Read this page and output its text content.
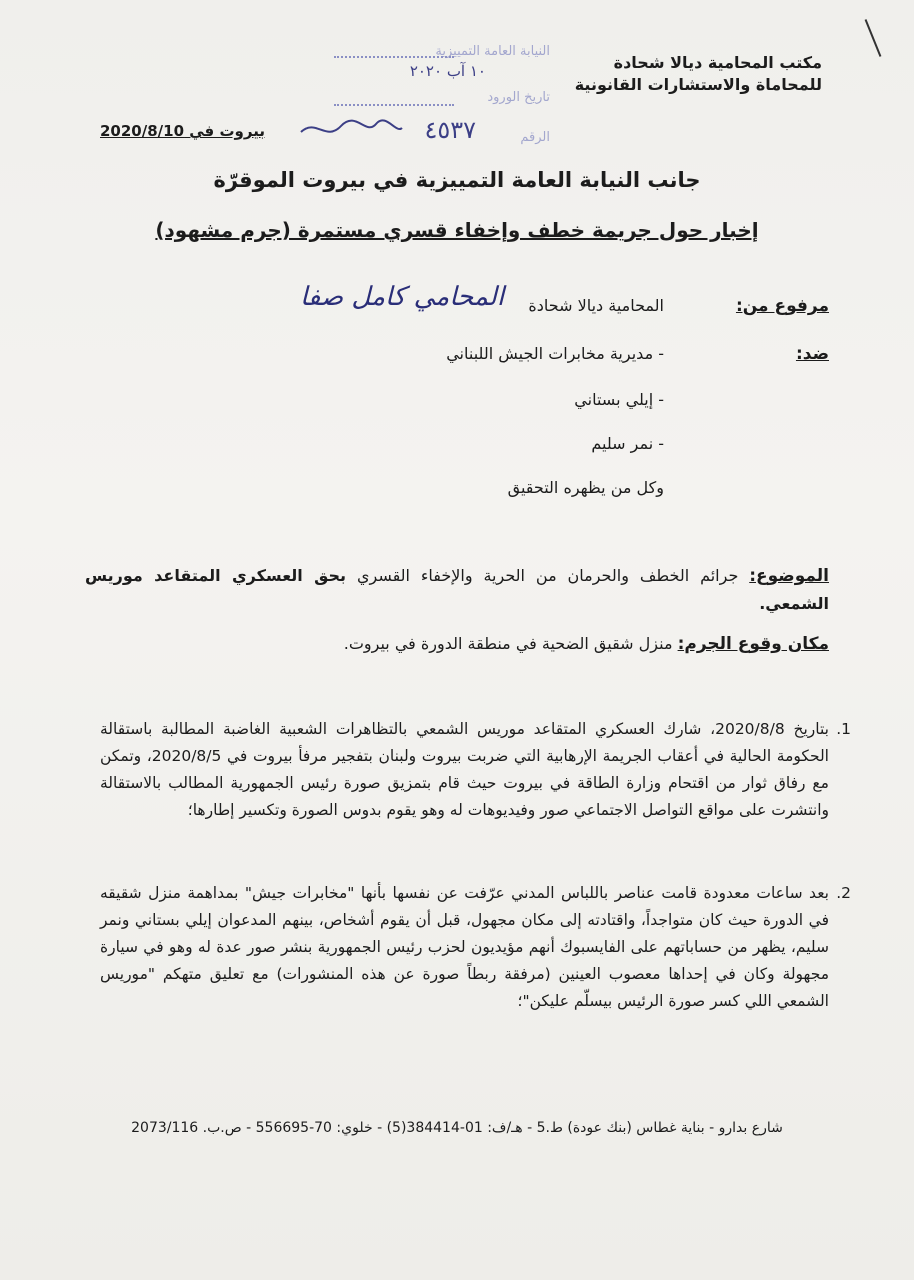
مكتب المحامية ديالا شحادة
للمحاماة والاستشارات القانونية
النيابة العامة التمييزية
١٠ آب ٢٠٢٠
تاريخ الورود
الرقم
٤٥٣٧
بيروت في 2020/8/10
جانب النيابة العامة التمييزية في بيروت الموقرّة
إخبار حول جريمة خطف وإخفاء قسري مستمرة (جرم مشهود)
مرفوع من:
المحامية ديالا شحادة
المحامي كامل صفا
ضد:
- مديرية مخابرات الجيش اللبناني
- إيلي بستاني
- نمر سليم
وكل من يظهره التحقيق
الموضوع: جرائم الخطف والحرمان من الحرية والإخفاء القسري بحق العسكري المتقاعد موريس الشمعي.
مكان وقوع الجرم: منزل شقيق الضحية في منطقة الدورة في بيروت.
1.
بتاريخ 2020/8/8، شارك العسكري المتقاعد موريس الشمعي بالتظاهرات الشعبية الغاضبة المطالبة باستقالة الحكومة الحالية في أعقاب الجريمة الإرهابية التي ضربت بيروت ولبنان بتفجير مرفأ بيروت في 2020/8/5، وتمكن مع رفاق ثوار من اقتحام وزارة الطاقة في بيروت حيث قام بتمزيق صورة رئيس الجمهورية المطالب بالاستقالة وانتشرت على مواقع التواصل الاجتماعي صور وفيديوهات له وهو يقوم بدوس الصورة وتكسير إطارها؛
2.
بعد ساعات معدودة قامت عناصر باللباس المدني عرّفت عن نفسها بأنها "مخابرات جيش" بمداهمة منزل شقيقه في الدورة حيث كان متواجداً، واقتادته إلى مكان مجهول، قبل أن يقوم أشخاص، بينهم المدعوان إيلي بستاني ونمر سليم، يظهر من حساباتهم على الفايسبوك أنهم مؤيديون لحزب رئيس الجمهورية بنشر صور عدة له وهو في سيارة مجهولة وكان في إحداها معصوب العينين (مرفقة ربطاً صورة عن هذه المنشورات) مع تعليق متهكم "موريس الشمعي اللي كسر صورة الرئيس بيسلّم عليكن"؛
شارع بدارو - بناية غطاس (بنك عودة) ط.5 - هـ/ف: 01-384414(5) - خلوي: 70-556695 - ص.ب. 2073/116
